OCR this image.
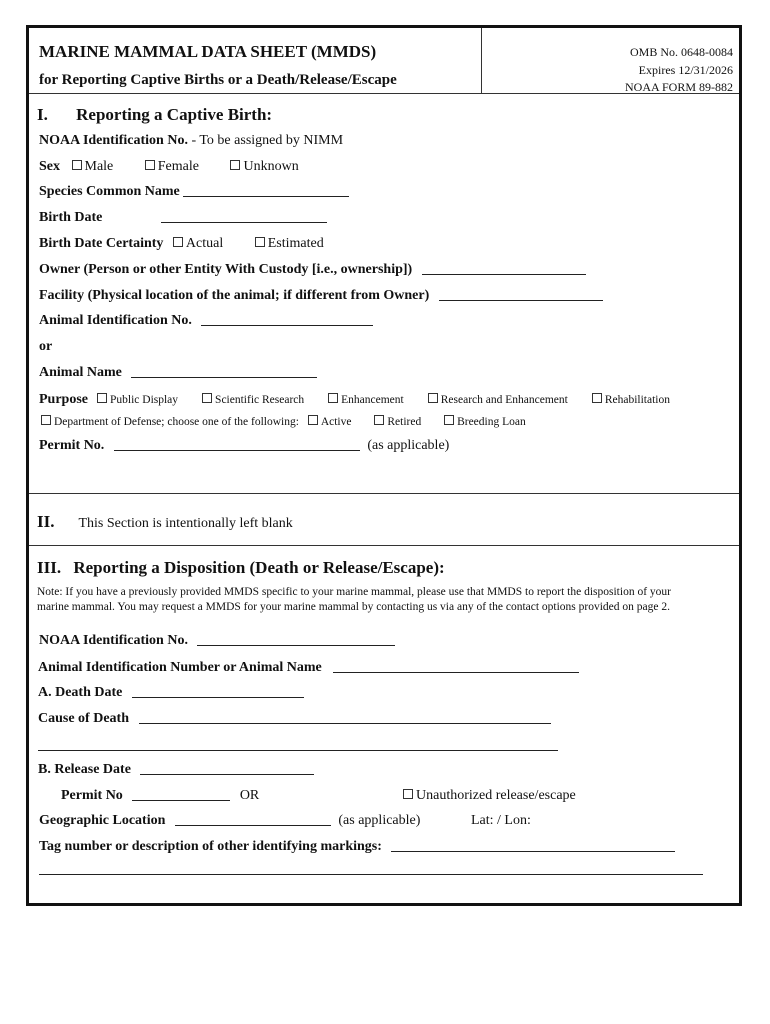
MARINE MAMMAL DATA SHEET (MMDS)
for Reporting Captive Births or a Death/Release/Escape
OMB No. 0648-0084
Expires 12/31/2026
NOAA FORM 89-882
I. Reporting a Captive Birth:
NOAA Identification No. - To be assigned by NIMM
Sex Male	Female	Unknown
Species Common Name
Birth Date
Birth Date Certainty Actual	Estimated
Owner (Person or other Entity With Custody [i.e., ownership])
Facility (Physical location of the animal; if different from Owner)
Animal Identification No.
or
Animal Name
Purpose Public Display	Scientific Research	Enhancement	Research and Enhancement	Rehabilitation
Department of Defense; choose one of the following: Active	Retired	Breeding Loan
Permit No.	(as applicable)
II. This Section is intentionally left blank
III. Reporting a Disposition (Death or Release/Escape):
Note: If you have a previously provided MMDS specific to your marine mammal, please use that MMDS to report the disposition of your
marine mammal. You may request a MMDS for your marine mammal by contacting us via any of the contact options provided on page 2.
NOAA Identification No.
Animal Identification Number or Animal Name
A. Death Date
Cause of Death
B. Release Date
Permit No	OR	Unauthorized release/escape
Geographic Location	(as applicable)	Lat: / Lon:
Tag number or description of other identifying markings:
